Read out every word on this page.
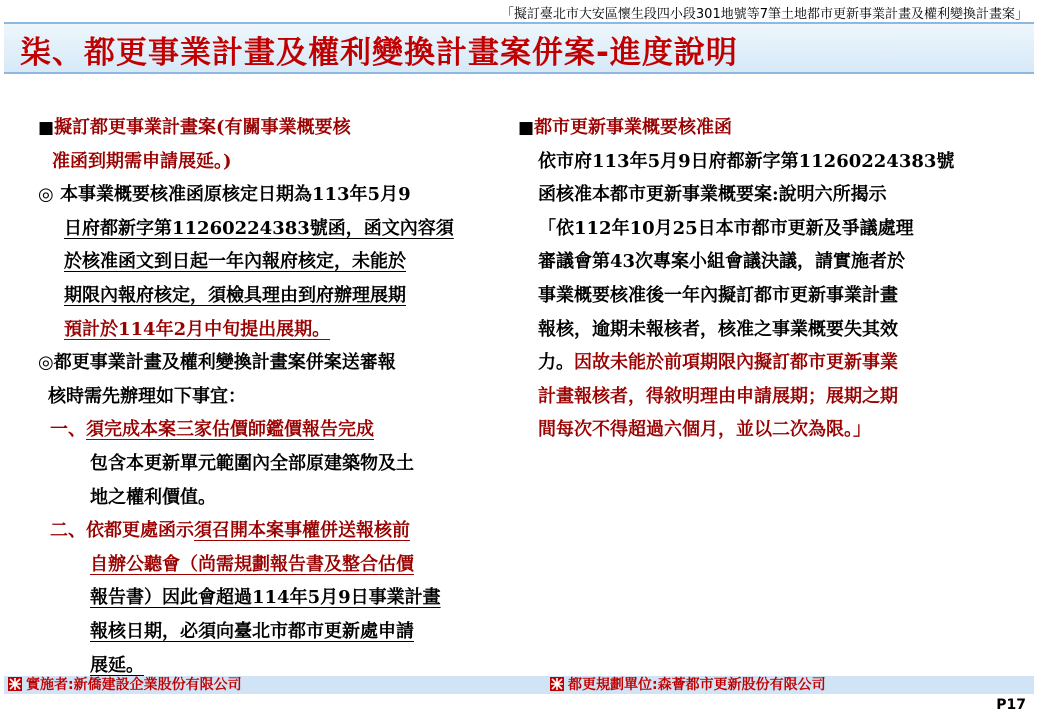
「擬訂臺北市大安區懷生段四小段301地號等7筆土地都市更新事業計畫及權利變換計畫案」
柒、都更事業計畫及權利變換計畫案併案-進度說明
■擬訂都更事業計畫案(有關事業概要核
准函到期需申請展延。)
◎ 本事業概要核准函原核定日期為113年5月9
日府都新字第11260224383號函，函文內容須
於核准函文到日起一年內報府核定，未能於
期限內報府核定，須檢具理由到府辦理展期
預計於114年2月中旬提出展期。
◎都更事業計畫及權利變換計畫案併案送審報
核時需先辦理如下事宜：
一、須完成本案三家估價師鑑價報告完成
包含本更新單元範圍內全部原建築物及土
地之權利價值。
二、依都更處函示須召開本案事權併送報核前
自辦公聽會（尚需規劃報告書及整合估價
報告書）因此會超過114年5月9日事業計畫
報核日期，必須向臺北市都市更新處申請
展延。
■都市更新事業概要核准函
依市府113年5月9日府都新字第11260224383號
函核准本都市更新事業概要案:說明六所揭示
「依112年10月25日本市都市更新及爭議處理
審議會第43次專案小組會議決議，請實施者於
事業概要核准後一年內擬訂都市更新事業計畫
報核，逾期未報核者，核准之事業概要失其效
力。因故未能於前項期限內擬訂都市更新事業
計畫報核者，得敘明理由申請展期；展期之期
間每次不得超過六個月，並以二次為限。」
實施者:新僑建設企業股份有限公司	都更規劃單位:森薈都市更新股份有限公司
P17
